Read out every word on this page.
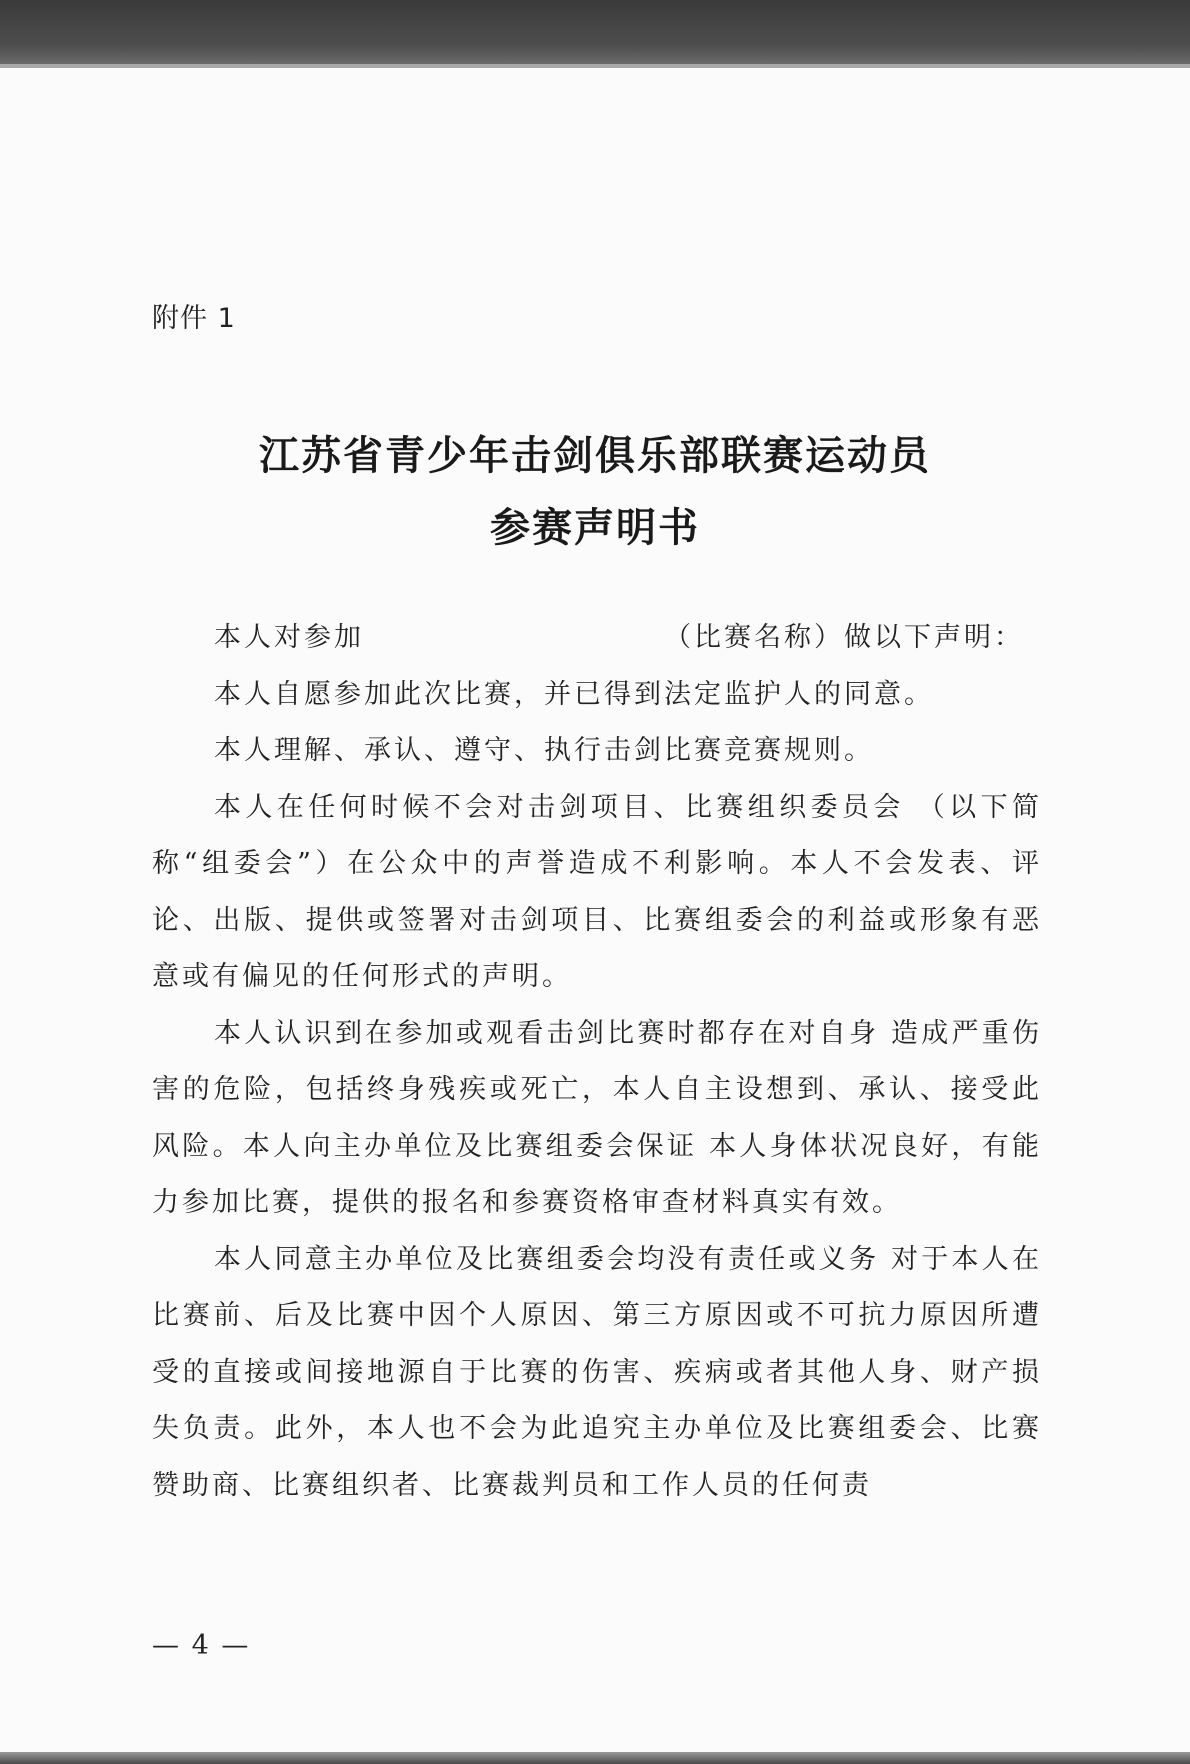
附件 1
江苏省青少年击剑俱乐部联赛运动员
参赛声明书

本人对参加	（比赛名称）做以下声明：

本人自愿参加此次比赛，并已得到法定监护人的同意。

本人理解、承认、遵守、执行击剑比赛竞赛规则。

本人在任何时候不会对击剑项目、比赛组织委员会 （以下简称“组委会”）在公众中的声誉造成不利影响。本人不会发表、评论、出版、提供或签署对击剑项目、比赛组委会的利益或形象有恶意或有偏见的任何形式的声明。

本人认识到在参加或观看击剑比赛时都存在对自身 造成严重伤害的危险，包括终身残疾或死亡，本人自主设想到、承认、接受此风险。本人向主办单位及比赛组委会保证 本人身体状况良好，有能力参加比赛，提供的报名和参赛资格审查材料真实有效。

本人同意主办单位及比赛组委会均没有责任或义务 对于本人在比赛前、后及比赛中因个人原因、第三方原因或不可抗力原因所遭受的直接或间接地源自于比赛的伤害、疾病或者其他人身、财产损失负责。此外，本人也不会为此追究主办单位及比赛组委会、比赛赞助商、比赛组织者、比赛裁判员和工作人员的任何责

— 4 —
